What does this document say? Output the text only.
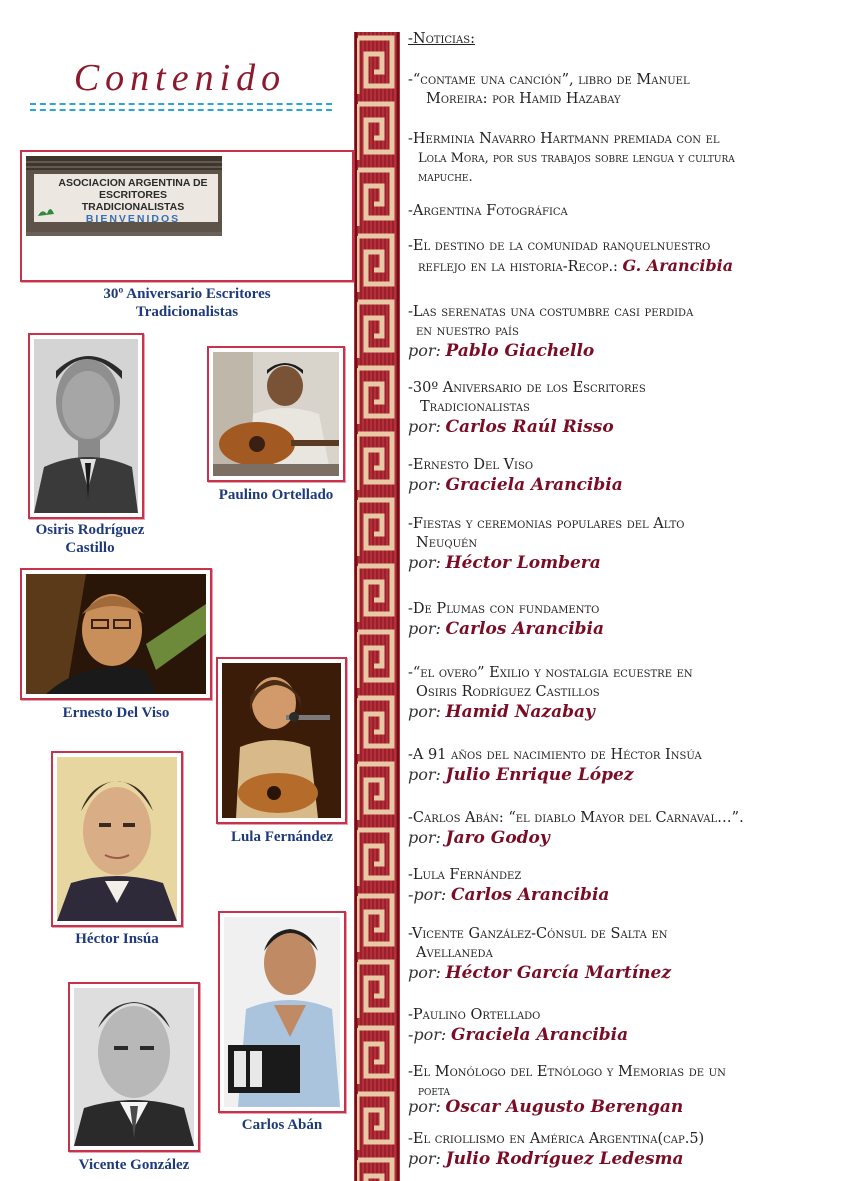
Contenido
ASOCIACION ARGENTINA DE
ESCRITORES TRADICIONALISTAS
BIENVENIDOS
30º Aniversario Escritores
Tradicionalistas
Osiris Rodríguez
Castillo
Paulino Ortellado
Ernesto Del Viso
Lula Fernández
Héctor Insúa
Carlos Abán
Vicente González
-Noticias:
-“contame una canción”, libro de Manuel
Moreira: por Hamid Hazabay
-Herminia Navarro Hartmann premiada con el
Lola Mora, por sus trabajos sobre lengua y cultura
mapuche.
-Argentina Fotográfica
-El destino de la comunidad ranquelnuestro
reflejo en la historia-Recop.: G. Arancibia
-Las serenatas una costumbre casi perdida
en nuestro país
por: Pablo Giachello
-30º Aniversario de los Escritores
Tradicionalistas
por: Carlos Raúl Risso
-Ernesto Del Viso
por: Graciela Arancibia
-Fiestas y ceremonias populares del Alto
Neuquén
por: Héctor Lombera
-De Plumas con fundamento
por: Carlos Arancibia
-“el overo” Exilio y nostalgia ecuestre en
Osiris Rodríguez Castillos
por: Hamid Nazabay
-A 91 años del nacimiento de Héctor Insúa
por: Julio Enrique López
-Carlos Abán: “el diablo Mayor del Carnaval…”.
por: Jaro Godoy
-Lula Fernández
-por: Carlos Arancibia
-Vicente Ganzález-Cónsul de Salta en
Avellaneda
por: Héctor García Martínez
-Paulino Ortellado
-por: Graciela Arancibia
-El Monólogo del Etnólogo y Memorias de un
poeta
por: Oscar Augusto Berengan
-El criollismo en América Argentina(cap.5)
por: Julio Rodríguez Ledesma
